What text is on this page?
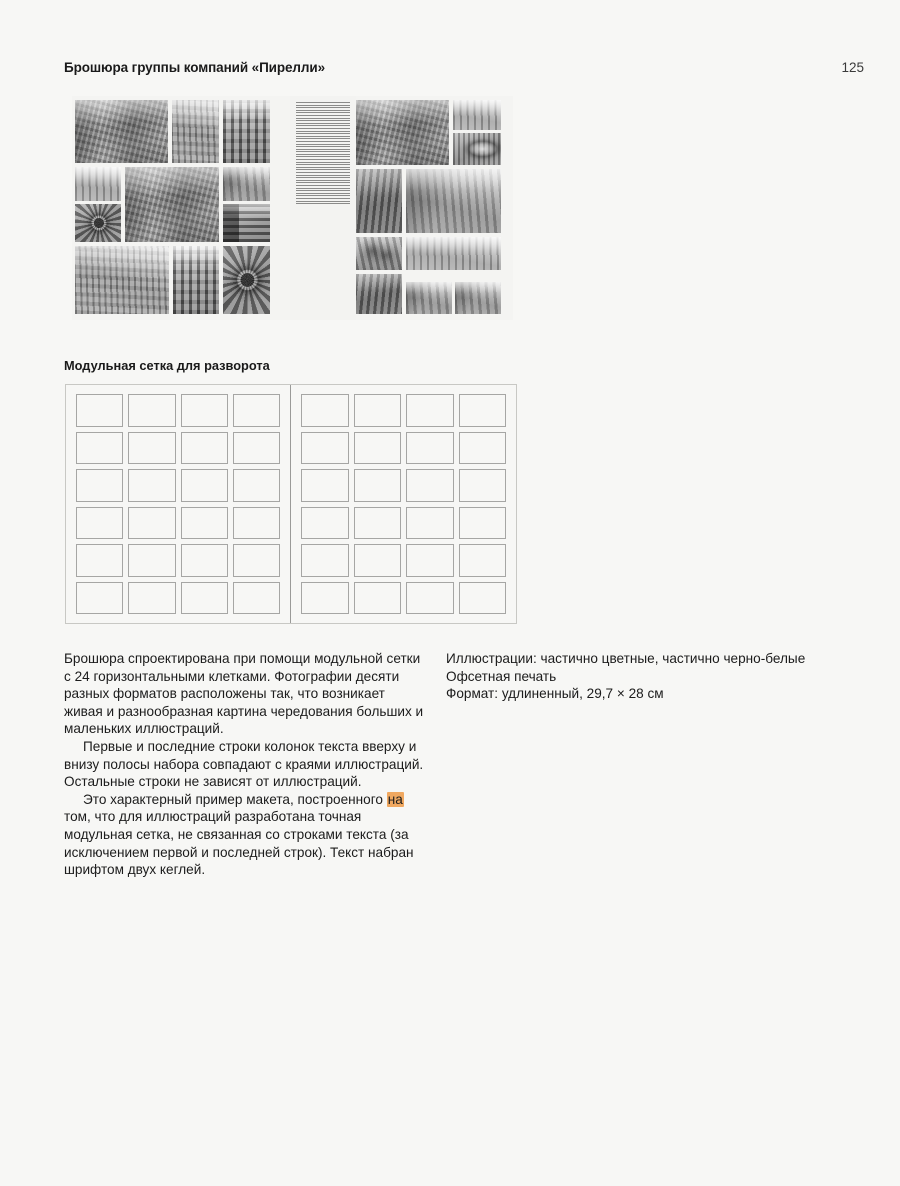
Брошюра группы компаний «Пирелли»	125
Модульная сетка для разворота

Брошюра спроектирована при помощи модульной сетки с 24 горизонтальными клетками. Фотографии десяти разных форматов расположены так, что возникает живая и разнообразная картина чередования больших и маленьких иллюстраций.

Первые и последние строки колонок текста вверху и внизу полосы набора совпадают с краями иллюстраций. Остальные строки не зависят от иллюстраций.

Это характерный пример макета, построенного на том, что для иллюстраций разработана точная модульная сетка, не связанная со строками текста (за исключением первой и последней строк). Текст набран шрифтом двух кеглей.

Иллюстрации: частично цветные, частично черно-белые

Офсетная печать

Формат: удлиненный, 29,7 × 28 см
